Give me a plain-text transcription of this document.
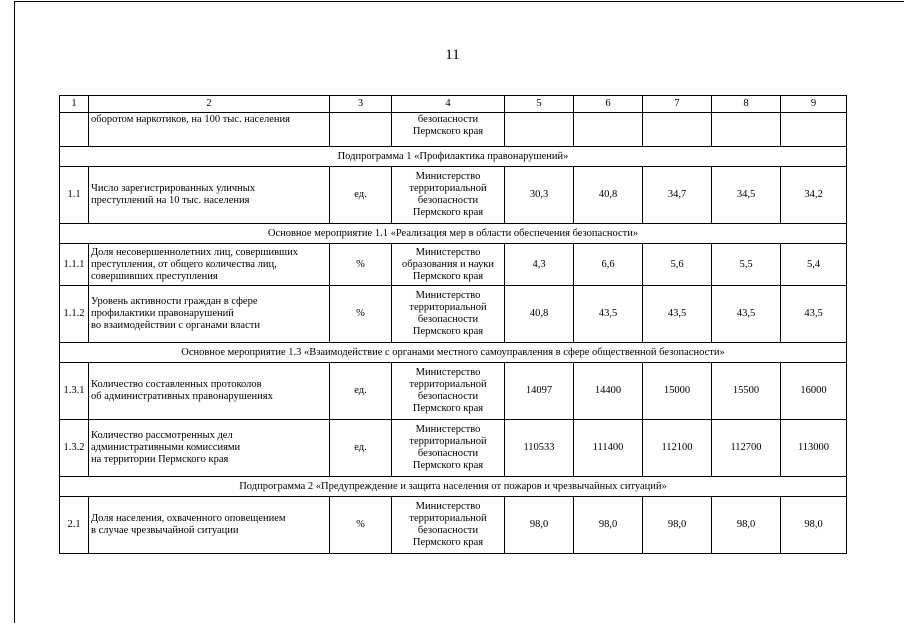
11
1	2	3	4	5	6	7	8	9
	оборотом наркотиков, на 100 тыс. населения		безопасности
Пермского края					
Подпрограмма 1 «Профилактика правонарушений»								
1.1	Число зарегистрированных уличных
преступлений на 10 тыс. населения	ед.	Министерство
территориальной
безопасности
Пермского края	30,3	40,8	34,7	34,5	34,2
Основное мероприятие 1.1 «Реализация мер в области обеспечения безопасности»								
1.1.1	Доля несовершеннолетних лиц, совершивших
преступления, от общего количества лиц,
совершивших преступления	%	Министерство
образования и науки
Пермского края	4,3	6,6	5,6	5,5	5,4
1.1.2	Уровень активности граждан в сфере
профилактики правонарушений
во взаимодействии с органами власти	%	Министерство
территориальной
безопасности
Пермского края	40,8	43,5	43,5	43,5	43,5
Основное мероприятие 1.3 «Взаимодействие с органами местного самоуправления в сфере общественной безопасности»								
1.3.1	Количество составленных протоколов
об административных правонарушениях	ед.	Министерство
территориальной
безопасности
Пермского края	14097	14400	15000	15500	16000
1.3.2	Количество рассмотренных дел
административными комиссиями
на территории Пермского края	ед.	Министерство
территориальной
безопасности
Пермского края	110533	111400	112100	112700	113000
Подпрограмма 2 «Предупреждение и защита населения от пожаров и чрезвычайных ситуаций»								
2.1	Доля населения, охваченного оповещением
в случае чрезвычайной ситуации	%	Министерство
территориальной
безопасности
Пермского края	98,0	98,0	98,0	98,0	98,0
